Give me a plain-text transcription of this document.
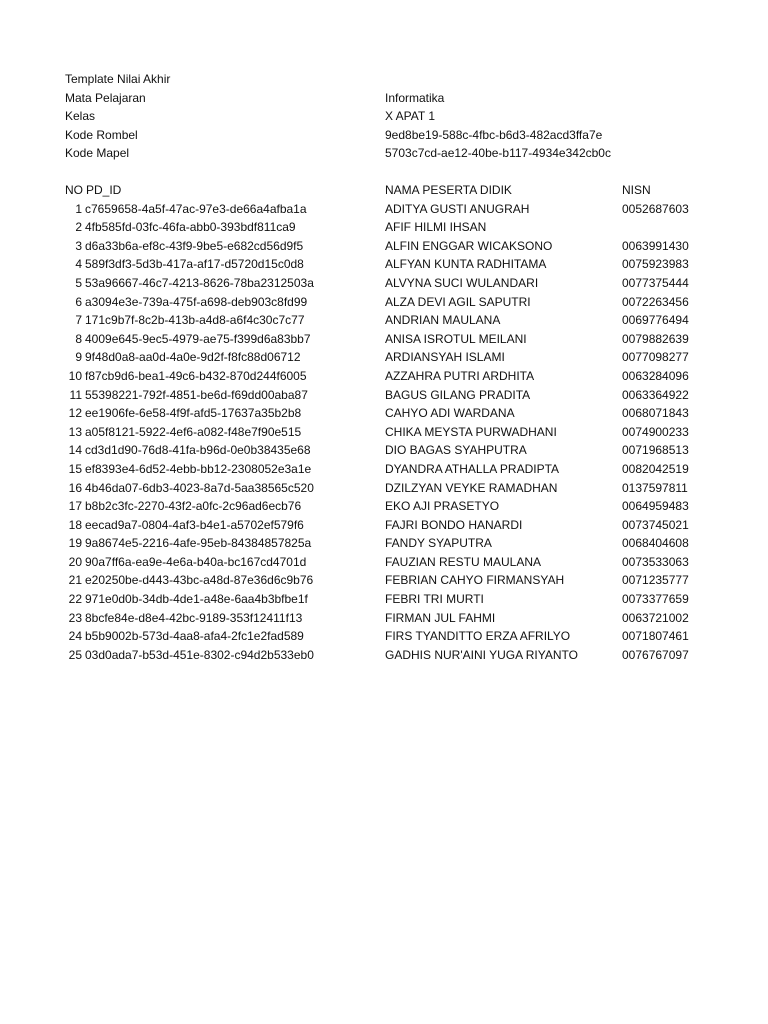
Template Nilai Akhir
Mata Pelajaran	Informatika
Kelas	X APAT 1
Kode Rombel	9ed8be19-588c-4fbc-b6d3-482acd3ffa7e
Kode Mapel	5703c7cd-ae12-40be-b117-4934e342cb0c
NO PD_ID	NAMA PESERTA DIDIK	NISN
1 c7659658-4a5f-47ac-97e3-de66a4afba1a	ADITYA GUSTI ANUGRAH	0052687603
2 4fb585fd-03fc-46fa-abb0-393bdf811ca9	AFIF HILMI IHSAN
3 d6a33b6a-ef8c-43f9-9be5-e682cd56d9f5	ALFIN ENGGAR WICAKSONO	0063991430
4 589f3df3-5d3b-417a-af17-d5720d15c0d8	ALFYAN KUNTA RADHITAMA	0075923983
5 53a96667-46c7-4213-8626-78ba2312503a	ALVYNA SUCI WULANDARI	0077375444
6 a3094e3e-739a-475f-a698-deb903c8fd99	ALZA DEVI AGIL SAPUTRI	0072263456
7 171c9b7f-8c2b-413b-a4d8-a6f4c30c7c77	ANDRIAN MAULANA	0069776494
8 4009e645-9ec5-4979-ae75-f399d6a83bb7	ANISA ISROTUL MEILANI	0079882639
9 9f48d0a8-aa0d-4a0e-9d2f-f8fc88d06712	ARDIANSYAH ISLAMI	0077098277
10 f87cb9d6-bea1-49c6-b432-870d244f6005	AZZAHRA PUTRI ARDHITA	0063284096
11 55398221-792f-4851-be6d-f69dd00aba87	BAGUS GILANG PRADITA	0063364922
12 ee1906fe-6e58-4f9f-afd5-17637a35b2b8	CAHYO ADI WARDANA	0068071843
13 a05f8121-5922-4ef6-a082-f48e7f90e515	CHIKA MEYSTA PURWADHANI	0074900233
14 cd3d1d90-76d8-41fa-b96d-0e0b38435e68	DIO BAGAS SYAHPUTRA	0071968513
15 ef8393e4-6d52-4ebb-bb12-2308052e3a1e	DYANDRA ATHALLA PRADIPTA	0082042519
16 4b46da07-6db3-4023-8a7d-5aa38565c520	DZILZYAN VEYKE RAMADHAN	0137597811
17 b8b2c3fc-2270-43f2-a0fc-2c96ad6ecb76	EKO AJI PRASETYO	0064959483
18 eecad9a7-0804-4af3-b4e1-a5702ef579f6	FAJRI BONDO HANARDI	0073745021
19 9a8674e5-2216-4afe-95eb-84384857825a	FANDY SYAPUTRA	0068404608
20 90a7ff6a-ea9e-4e6a-b40a-bc167cd4701d	FAUZIAN RESTU MAULANA	0073533063
21 e20250be-d443-43bc-a48d-87e36d6c9b76	FEBRIAN CAHYO FIRMANSYAH	0071235777
22 971e0d0b-34db-4de1-a48e-6aa4b3bfbe1f	FEBRI TRI MURTI	0073377659
23 8bcfe84e-d8e4-42bc-9189-353f12411f13	FIRMAN JUL FAHMI	0063721002
24 b5b9002b-573d-4aa8-afa4-2fc1e2fad589	FIRS TYANDITTO ERZA AFRILYO	0071807461
25 03d0ada7-b53d-451e-8302-c94d2b533eb0	GADHIS NUR'AINI YUGA RIYANTO	0076767097
